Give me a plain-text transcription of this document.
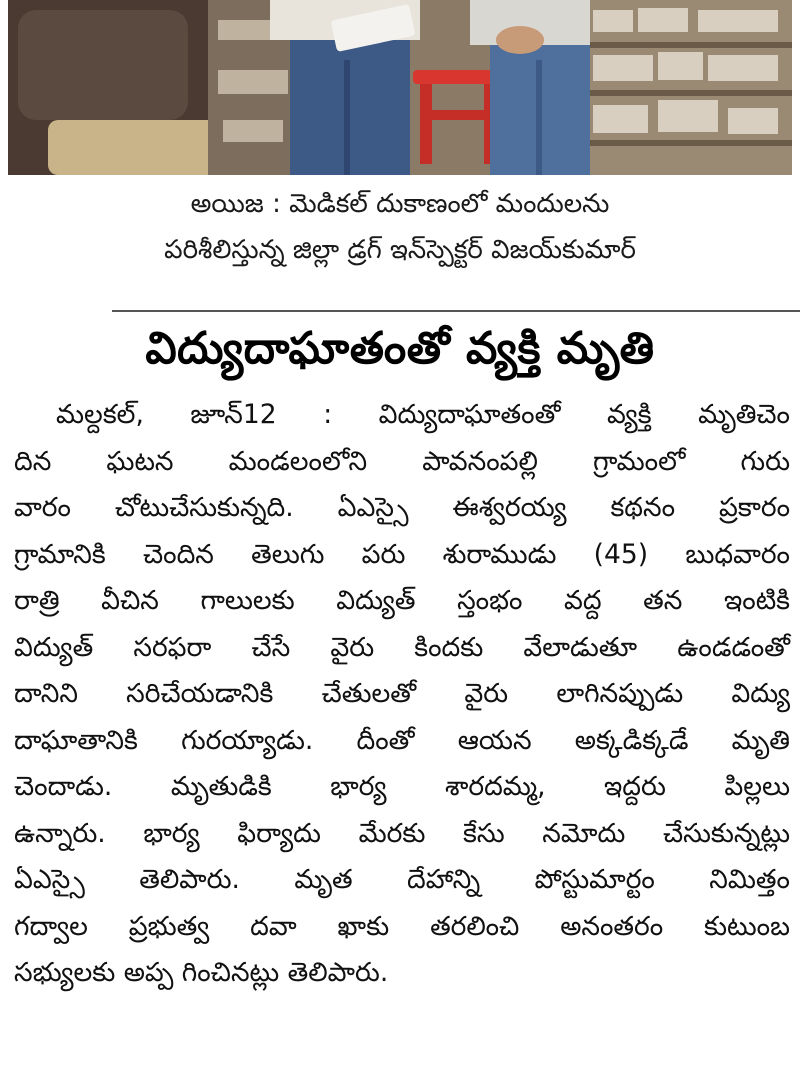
అయిజ : మెడికల్ దుకాణంలో మందులను
పరిశీలిస్తున్న జిల్లా డ్రగ్ ఇన్‌స్పెక్టర్ విజయ్‌కుమార్
విద్యుదాఘాతంతో వ్యక్తి మృతి
మల్దకల్, జూన్12 : విద్యుదాఘాతంతో వ్యక్తి మృతిచెం
దిన ఘటన మండలంలోని పావనంపల్లి గ్రామంలో గురు
వారం చోటుచేసుకున్నది. ఏఎస్సై ఈశ్వరయ్య కథనం ప్రకారం
గ్రామానికి చెందిన తెలుగు పరు శురాముడు (45) బుధవారం
రాత్రి వీచిన గాలులకు విద్యుత్ స్తంభం వద్ద తన ఇంటికి
విద్యుత్ సరఫరా చేసే వైరు కిందకు వేలాడుతూ ఉండడంతో
దానిని సరిచేయడానికి చేతులతో వైరు లాగినప్పుడు విద్యు
దాఘాతానికి గురయ్యాడు. దీంతో ఆయన అక్కడిక్కడే మృతి
చెందాడు. మృతుడికి భార్య శారదమ్మ, ఇద్దరు పిల్లలు
ఉన్నారు. భార్య ఫిర్యాదు మేరకు కేసు నమోదు చేసుకున్నట్లు
ఏఎస్సై తెలిపారు. మృత దేహాన్ని పోస్టుమార్టం నిమిత్తం
గద్వాల ప్రభుత్వ దవా ఖాకు తరలించి అనంతరం కుటుంబ
సభ్యులకు అప్ప గించినట్లు తెలిపారు.
